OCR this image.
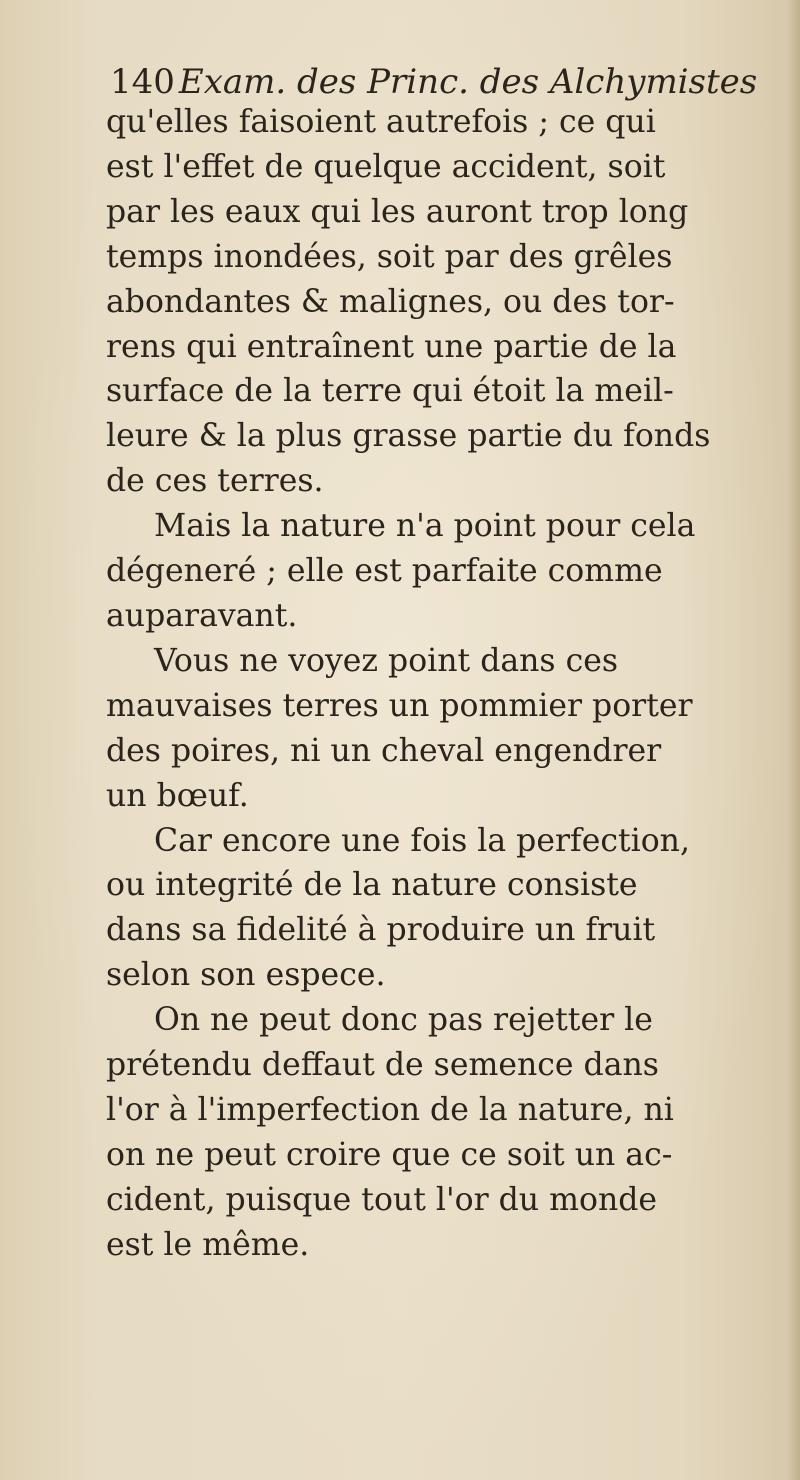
140 Exam. des Princ. des Alchymistes
qu'elles faisoient autrefois ; ce qui
est l'effet de quelque accident, soit
par les eaux qui les auront trop long
temps inondées, soit par des grêles
abondantes & malignes, ou des tor-
rens qui entraînent une partie de la
surface de la terre qui étoit la meil-
leure & la plus grasse partie du fonds
de ces terres.
Mais la nature n'a point pour cela
dégeneré ; elle est parfaite comme
auparavant.
Vous ne voyez point dans ces
mauvaises terres un pommier porter
des poires, ni un cheval engendrer
un bœuf.
Car encore une fois la perfection,
ou integrité de la nature consiste
dans sa fidelité à produire un fruit
selon son espece.
On ne peut donc pas rejetter le
prétendu deffaut de semence dans
l'or à l'imperfection de la nature, ni
on ne peut croire que ce soit un ac-
cident, puisque tout l'or du monde
est le même.
